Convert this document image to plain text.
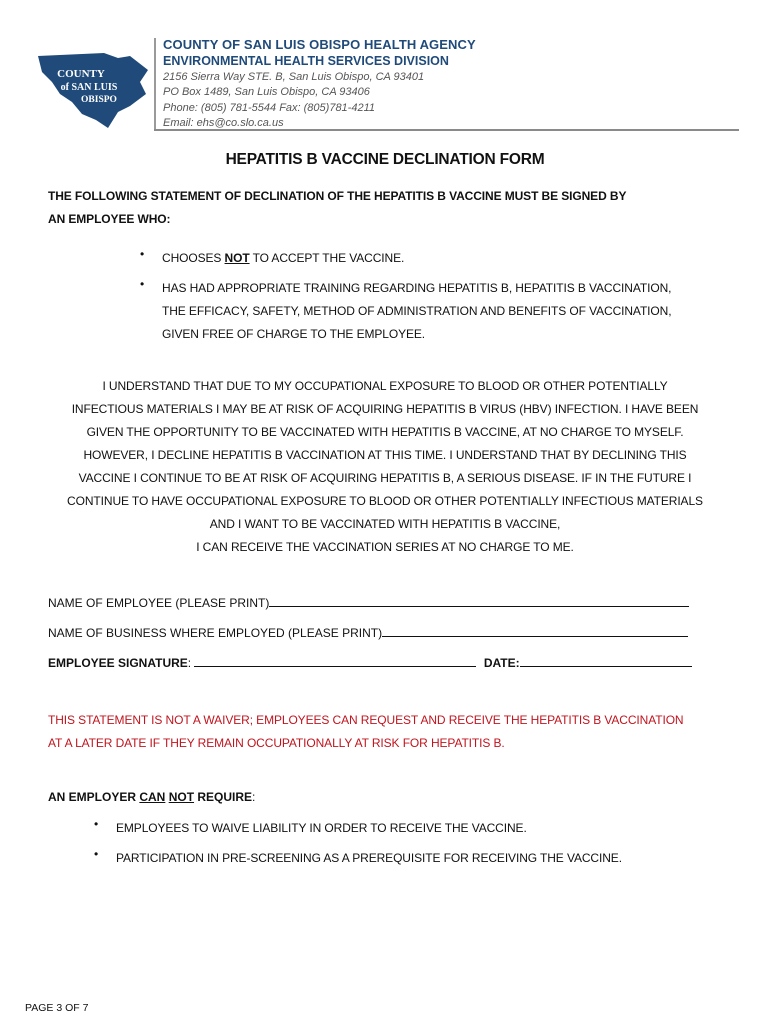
COUNTY
of SAN LUIS
OBISPO
COUNTY OF SAN LUIS OBISPO HEALTH AGENCY
ENVIRONMENTAL HEALTH SERVICES DIVISION
2156 Sierra Way STE. B, San Luis Obispo, CA 93401
PO Box 1489, San Luis Obispo, CA 93406
Phone: (805) 781-5544 Fax: (805)781-4211
Email: ehs@co.slo.ca.us
HEPATITIS B VACCINE DECLINATION FORM
THE FOLLOWING STATEMENT OF DECLINATION OF THE HEPATITIS B VACCINE MUST BE SIGNED BY
AN EMPLOYEE WHO:
• CHOOSES NOT TO ACCEPT THE VACCINE.
• HAS HAD APPROPRIATE TRAINING REGARDING HEPATITIS B, HEPATITIS B VACCINATION,
THE EFFICACY, SAFETY, METHOD OF ADMINISTRATION AND BENEFITS OF VACCINATION,
GIVEN FREE OF CHARGE TO THE EMPLOYEE.
I UNDERSTAND THAT DUE TO MY OCCUPATIONAL EXPOSURE TO BLOOD OR OTHER POTENTIALLY
INFECTIOUS MATERIALS I MAY BE AT RISK OF ACQUIRING HEPATITIS B VIRUS (HBV) INFECTION. I HAVE BEEN
GIVEN THE OPPORTUNITY TO BE VACCINATED WITH HEPATITIS B VACCINE, AT NO CHARGE TO MYSELF.
HOWEVER, I DECLINE HEPATITIS B VACCINATION AT THIS TIME. I UNDERSTAND THAT BY DECLINING THIS
VACCINE I CONTINUE TO BE AT RISK OF ACQUIRING HEPATITIS B, A SERIOUS DISEASE. IF IN THE FUTURE I
CONTINUE TO HAVE OCCUPATIONAL EXPOSURE TO BLOOD OR OTHER POTENTIALLY INFECTIOUS MATERIALS
AND I WANT TO BE VACCINATED WITH HEPATITIS B VACCINE,
I CAN RECEIVE THE VACCINATION SERIES AT NO CHARGE TO ME.
NAME OF EMPLOYEE (PLEASE PRINT)
NAME OF BUSINESS WHERE EMPLOYED (PLEASE PRINT)
EMPLOYEE SIGNATURE:	DATE:
THIS STATEMENT IS NOT A WAIVER; EMPLOYEES CAN REQUEST AND RECEIVE THE HEPATITIS B VACCINATION
AT A LATER DATE IF THEY REMAIN OCCUPATIONALLY AT RISK FOR HEPATITIS B.
AN EMPLOYER CAN NOT REQUIRE:
• EMPLOYEES TO WAIVE LIABILITY IN ORDER TO RECEIVE THE VACCINE.
• PARTICIPATION IN PRE-SCREENING AS A PREREQUISITE FOR RECEIVING THE VACCINE.
PAGE 3 OF 7
